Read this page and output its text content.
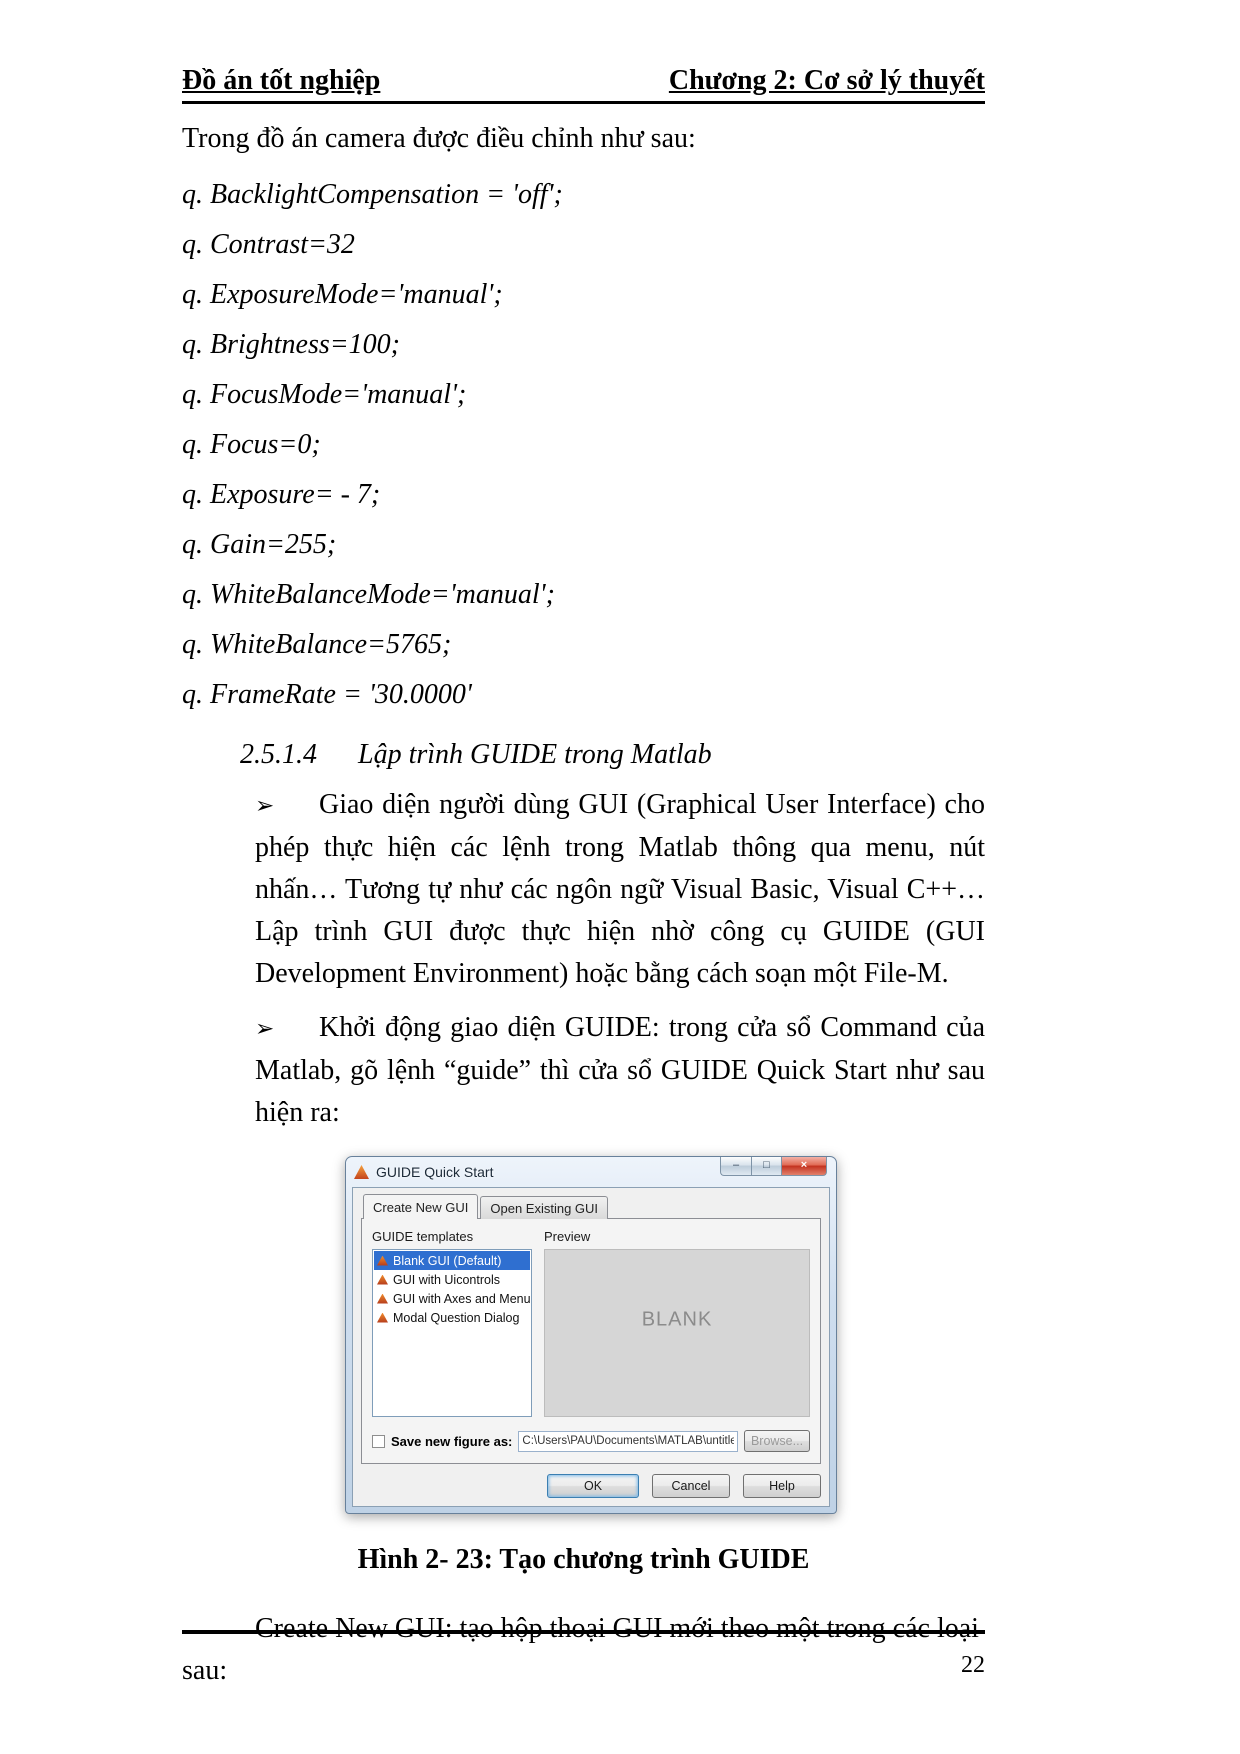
Đồ án tốt nghiệp	Chương 2: Cơ sở lý thuyết

Trong đồ án camera được điều chỉnh như sau:

q. BacklightCompensation = 'off';

q. Contrast=32

q. ExposureMode='manual';

q. Brightness=100;

q. FocusMode='manual';

q. Focus=0;

q. Exposure= - 7;

q. Gain=255;

q. WhiteBalanceMode='manual';

q. WhiteBalance=5765;

q. FrameRate = '30.0000'

2.5.1.4 Lập trình GUIDE trong Matlab

➢ Giao diện người dùng GUI (Graphical User Interface) cho phép thực hiện các lệnh trong Matlab thông qua menu, nút nhấn… Tương tự như các ngôn ngữ Visual Basic, Visual C++… Lập trình GUI được thực hiện nhờ công cụ GUIDE (GUI Development Environment) hoặc bằng cách soạn một File-M.

➢ Khởi động giao diện GUIDE: trong cửa sổ Command của Matlab, gõ lệnh “guide” thì cửa sổ GUIDE Quick Start như sau hiện ra:

GUIDE Quick Start	–	□	×
Create New GUI	Open Existing GUI
GUIDE templates
Blank GUI (Default)
GUI with Uicontrols
GUI with Axes and Menu
Modal Question Dialog
Preview
BLANK
Save new figure as:
C:\Users\PAU\Documents\MATLAB\untitled	Browse...
OK	Cancel	Help

Hình 2- 23: Tạo chương trình GUIDE

Create New GUI: tạo hộp thoại GUI mới theo một trong các loại sau:	22
